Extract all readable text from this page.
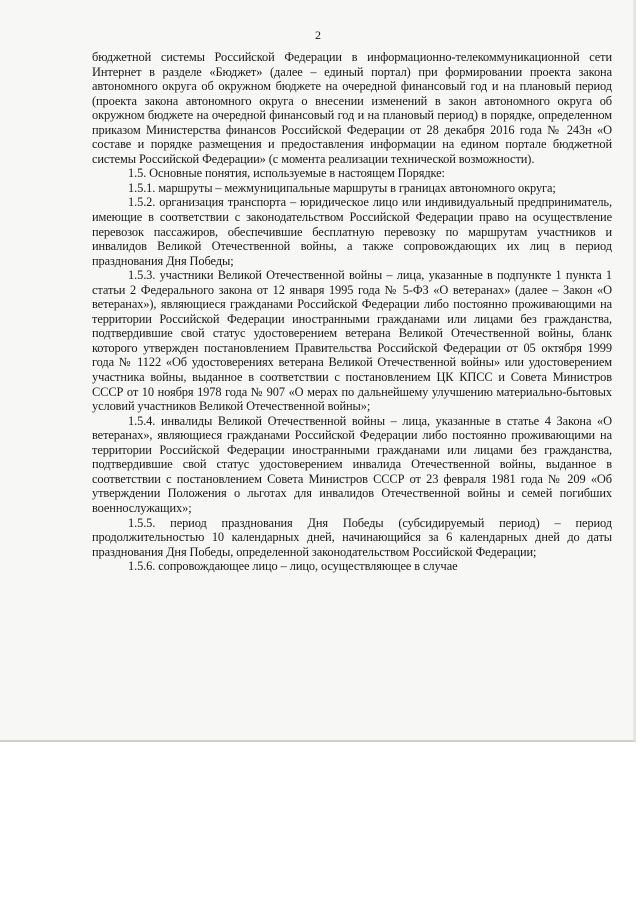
2

бюджетной системы Российской Федерации в информационно-телекоммуникационной сети Интернет в разделе «Бюджет» (далее – единый портал) при формировании проекта закона автономного округа об окружном бюджете на очередной финансовый год и на плановый период (проекта закона автономного округа о внесении изменений в закон автономного округа об окружном бюджете на очередной финансовый год и на плановый период) в порядке, определенном приказом Министерства финансов Российской Федерации от 28 декабря 2016 года № 243н «О составе и порядке размещения и предоставления информации на едином портале бюджетной системы Российской Федерации» (с момента реализации технической возможности).

1.5. Основные понятия, используемые в настоящем Порядке:

1.5.1. маршруты – межмуниципальные маршруты в границах автономного округа;

1.5.2. организация транспорта – юридическое лицо или индивидуальный предприниматель, имеющие в соответствии с законодательством Российской Федерации право на осуществление перевозок пассажиров, обеспечившие бесплатную перевозку по маршрутам участников и инвалидов Великой Отечественной войны, а также сопровождающих их лиц в период празднования Дня Победы;

1.5.3. участники Великой Отечественной войны – лица, указанные в подпункте 1 пункта 1 статьи 2 Федерального закона от 12 января 1995 года № 5-ФЗ «О ветеранах» (далее – Закон «О ветеранах»), являющиеся гражданами Российской Федерации либо постоянно проживающими на территории Российской Федерации иностранными гражданами или лицами без гражданства, подтвердившие свой статус удостоверением ветерана Великой Отечественной войны, бланк которого утвержден постановлением Правительства Российской Федерации от 05 октября 1999 года № 1122 «Об удостоверениях ветерана Великой Отечественной войны» или удостоверением участника войны, выданное в соответствии с постановлением ЦК КПСС и Совета Министров СССР от 10 ноября 1978 года № 907 «О мерах по дальнейшему улучшению материально-бытовых условий участников Великой Отечественной войны»;

1.5.4. инвалиды Великой Отечественной войны – лица, указанные в статье 4 Закона «О ветеранах», являющиеся гражданами Российской Федерации либо постоянно проживающими на территории Российской Федерации иностранными гражданами или лицами без гражданства, подтвердившие свой статус удостоверением инвалида Отечественной войны, выданное в соответствии с постановлением Совета Министров СССР от 23 февраля 1981 года № 209 «Об утверждении Положения о льготах для инвалидов Отечественной войны и семей погибших военнослужащих»;

1.5.5. период празднования Дня Победы (субсидируемый период) – период продолжительностью 10 календарных дней, начинающийся за 6 календарных дней до даты празднования Дня Победы, определенной законодательством Российской Федерации;

1.5.6. сопровождающее лицо – лицо, осуществляющее в случае
